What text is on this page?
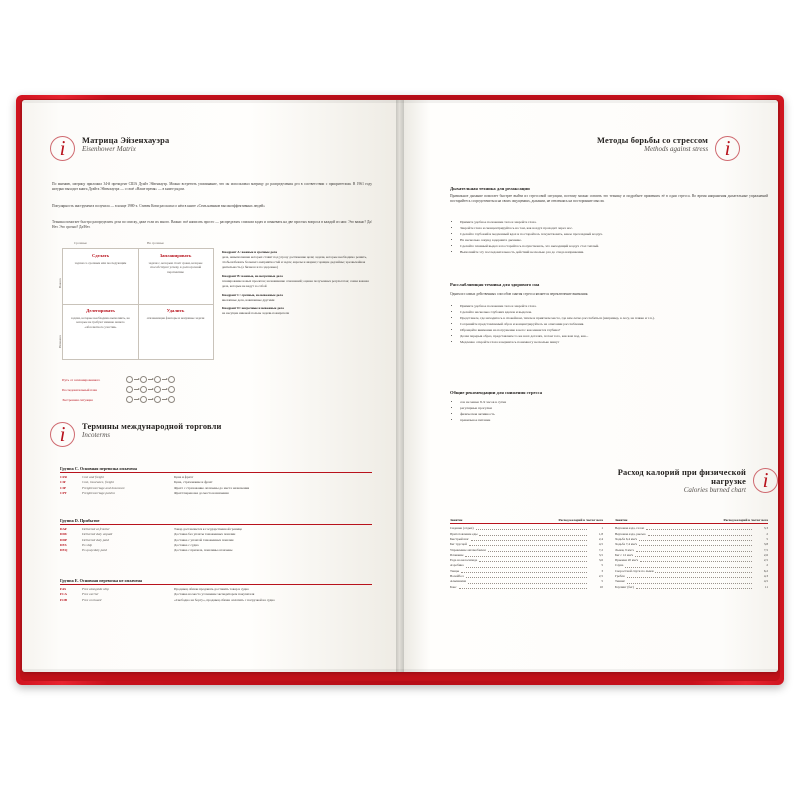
i Матрица Эйзенхауэра
Eisenhower Matrix
По мнению, матрицу приложил 34-й президент США Дуайт Эйзенхауэр. Можно встретить упоминание, что он использовал матрицу до распределения дел в соответствии с приоритетами. В 1961 году натурно выходит книга Дуайта Эйзенхауэра — о своё «Наше время» — в книге рядом.
Популярность инструмента получила — в конце 1980-х. Стивен Кови рассказал о нём в книге «Семь навыков высокоэффективных людей»
Техника помогает быстро распределить дела по списку, даже если их много. Важно: всё написать просто — распределять списком задач и сомневать на две простых вопроса в каждой из них: Это важно? Да/Нет. Это срочно? Да/Нет.
Сделать
задачи со срочным или последующим
Запланировать
задачи с, которым стоит сроки, которые способствуют успеху, в долгосрочной перспективе
Делегировать
задачи, которые необходимо выполнить, но которые не требуют именно вашего «абсолютного участия»
Удалить
отвлекающие факторы и ненужные задачи
Срочные	Не срочные
Важно
Неважно
Квадрант А: важные и срочные дела
дела, невыполнение которых ставит под угрозу достижение цели; задачи, которые необходимо решить, чтобы избежать большего неприятностей и задач; авралы и аварии; горящие дедлайны; чрезвычайная деятельность (а бизнесе и по здоровью)
Квадрант B: важные, но несрочные дела
планирование новых проектов; налаживание отношений; оценка полученных результатов; самая важная дела, которые не ведут за собой
Квадрант C: срочные, но неважные дела
внезапные дела, навязанные другими
Квадрант D: несрочные и неважные дела
не несущие никакой пользы задачи-пожиратели
Путь от запланированного
Последовательный план
Экстренная ситуация
i Термины международной торговли
Incoterms
Группа C. Основная перевозка оплачена
CFR	Cost and freight	Цена и фрахт
CIF	Cost, insurance, freight	Цена, страхование и фрахт
CIP	Freight/carriage and insurance	Фрахт с страхование оплачены до места назначения
CPT	Freight/carriage paid to	Фрахт/перевозка до места назначения
Группа D. Прибытие
DAF	Delivered at frontier	Товар доставляется к государственной границе
DDU	Delivered duty unpaid	Доставка без уплаты таможенных пошлин
DDP	Delivered duty paid	Доставка с уплатой таможенных пошлин
DES	Ex ship	Доставка с судна
DEQ	Ex quay/duty paid	Доставка с причала, пошлины оплачены
Группа E. Основная перевозка не оплачена
FAS	Free alongside ship	Продавец обязан продавать доставить товар в судно
FCA	Free carrier	Доставка на место уточнение экспедитором покупателя
FOB	Free on board	«Свободно на борту», продавец обязан оплатить с погрузкой на судно
Методы борьбы со стрессом
Methods against stress i
Дыхательная техника для релаксации
Правильное дыхание помогает быстрее выйти из стрессовой ситуации, поэтому можно освоить это технику и подробнее применять её в одни стресса. Во время напряжения дыхательные упражнений постарайтесь сосредоточиться на своих ощущениях, дыхании, не отвлекаясь на посторонние мысли.
• Примите удобное положение тела и закройте глаза.
• Закройте глаза и сконцентрируйтесь на том, как воздух проходит через нос.
• Сделайте глубокий и медленный вдох и постарайтесь почувствовать, какое прохладный воздух.
• На несколько секунд задержите дыхание.
• Сделайте плавный выдох и постарайтесь почувствовать, что выходящий воздух стал теплый.
• Выполняйте эту последовательность действий несколько раз до спада напряжения.
Расслабляющая техника для здорового сна
Одним из самых действенных способов снятия стресса является переключение внимания.
• Примите удобное положение тела и закройте глаза.
• Сделайте несколько глубоких вдохов и выдохов.
• Представьте, где находитесь в спокойном, тихом и приятном месте, где вам легко расслабиться (например, в лесу, на пляже и т.п.).
• Сохраняйте представляемый образ и концентрируйтесь на описании расслабления.
• Обращайте внимание на погружение в него: как меняется глубина?
• Делая перерыв образ, представляем то же всех деталях, потом того, как вам под, как...
• Медленно откройте глаза и вернитесь понемногу несколько минут
Общие рекомендации для снижения стресса
• сон не менее 8–9 часов в сутки
• регулярные прогулки
• физическая активность
• правильное питание
Расход калорий при физической нагрузке
Calories burned chart i
Занятие	Расход калорий в час/кг веса	Занятие	Расход калорий в час/кг веса
Сидение (отдых)	1	Верховая езда, галоп	3,3
Приготовление еды	1,8	Верховая езда, рысью	2
Быстрый шаг	2,4	Ходьба 6,4 км/ч	5
Бег трусцой	4,5	Ходьба 7,4 км/ч	3,8
Управление автомобилем	7,2	Лыжи, 9 км/ч	7,5
Плавание	3,5	Бег с 12 км/ч	2,6
Езда на велосипеде	3,6	Прыжки 20 км/ч	2,5
Аэробика	5	Сауна	2
Танцы	3	Скоростной спуск по лыжи	6,2
Волейбол	2,5	Гребля	4,3
Альпинизм	5	Теннис	4,5
Бокс	10	Боулинг (бег)	11
